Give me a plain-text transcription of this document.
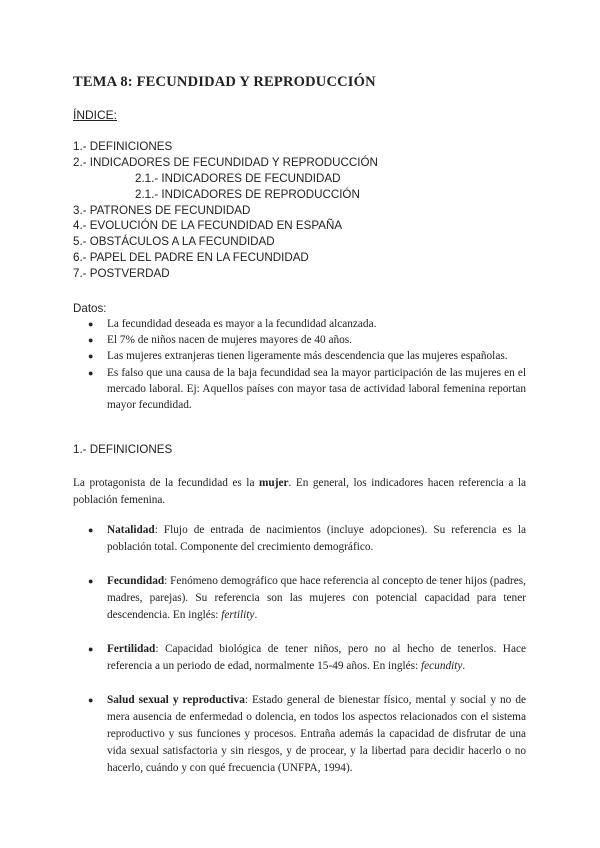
TEMA 8: FECUNDIDAD Y REPRODUCCIÓN
ÍNDICE:
1.- DEFINICIONES
2.- INDICADORES DE FECUNDIDAD Y REPRODUCCIÓN
2.1.- INDICADORES DE FECUNDIDAD
2.1.- INDICADORES DE REPRODUCCIÓN
3.- PATRONES DE FECUNDIDAD
4.- EVOLUCIÓN DE LA FECUNDIDAD EN ESPAÑA
5.- OBSTÁCULOS A LA FECUNDIDAD
6.- PAPEL DEL PADRE EN LA FECUNDIDAD
7.- POSTVERDAD
Datos:
● La fecundidad deseada es mayor a la fecundidad alcanzada.
● El 7% de niños nacen de mujeres mayores de 40 años.
● Las mujeres extranjeras tienen ligeramente más descendencia que las mujeres españolas.
● Es falso que una causa de la baja fecundidad sea la mayor participación de las mujeres en el mercado laboral. Ej: Aquellos países con mayor tasa de actividad laboral femenina reportan mayor fecundidad.
1.- DEFINICIONES

La protagonista de la fecundidad es la mujer. En general, los indicadores hacen referencia a la población femenina.

● Natalidad: Flujo de entrada de nacimientos (incluye adopciones). Su referencia es la población total. Componente del crecimiento demográfico.
● Fecundidad: Fenómeno demográfico que hace referencia al concepto de tener hijos (padres, madres, parejas). Su referencia son las mujeres con potencial capacidad para tener descendencia. En inglés: fertility.
● Fertilidad: Capacidad biológica de tener niños, pero no al hecho de tenerlos. Hace referencia a un periodo de edad, normalmente 15-49 años. En inglés: fecundity.
● Salud sexual y reproductiva: Estado general de bienestar físico, mental y social y no de mera ausencia de enfermedad o dolencia, en todos los aspectos relacionados con el sistema reproductivo y sus funciones y procesos. Entraña además la capacidad de disfrutar de una vida sexual satisfactoria y sin riesgos, y de procear, y la libertad para decidir hacerlo o no hacerlo, cuándo y con qué frecuencia (UNFPA, 1994).
